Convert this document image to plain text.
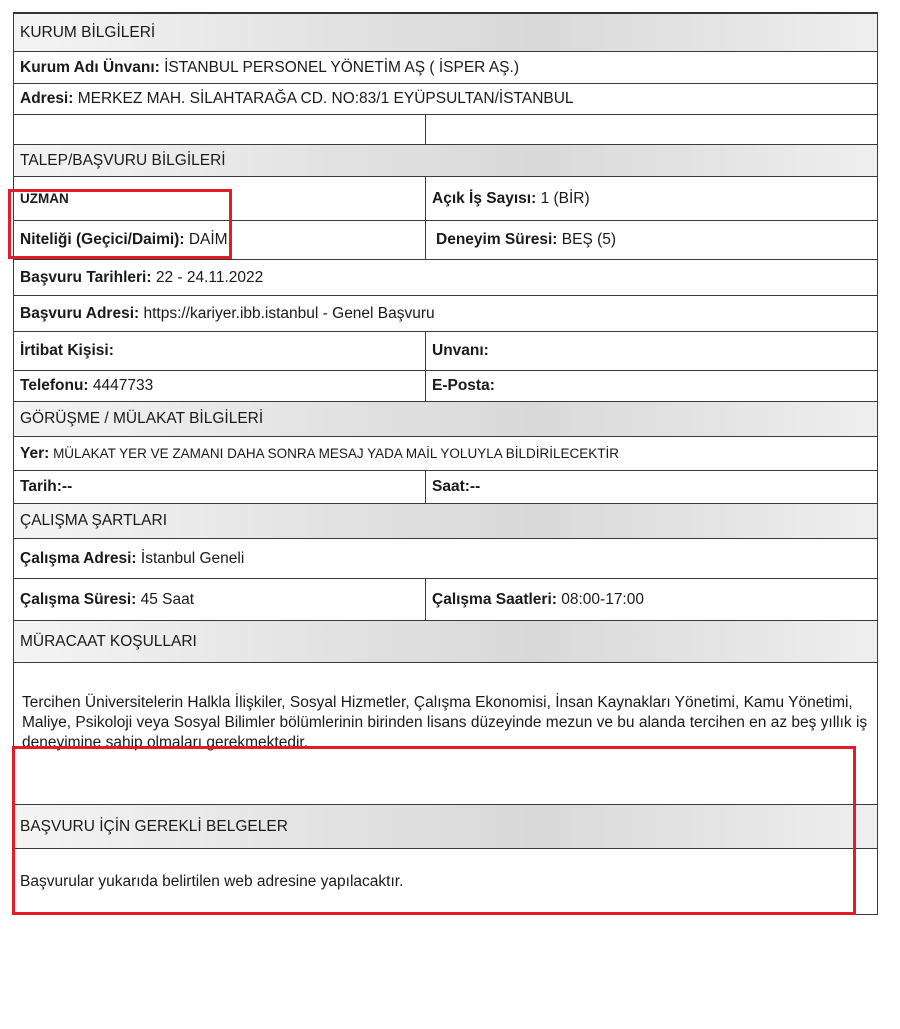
KURUM BİLGİLERİ
Kurum Adı Ünvanı: İSTANBUL PERSONEL YÖNETİM AŞ ( İSPER AŞ.)
Adresi: MERKEZ MAH. SİLAHTARAĞA CD. NO:83/1 EYÜPSULTAN/İSTANBUL
TALEP/BAŞVURU BİLGİLERİ
UZMAN	Açık İş Sayısı: 1 (BİR)
Niteliği (Geçici/Daimi): DAİMİ	Deneyim Süresi: BEŞ (5)
Başvuru Tarihleri: 22 - 24.11.2022
Başvuru Adresi: https://kariyer.ibb.istanbul - Genel Başvuru
İrtibat Kişisi:	Unvanı:
Telefonu: 4447733	E-Posta:
GÖRÜŞME / MÜLAKAT BİLGİLERİ
Yer: MÜLAKAT YER VE ZAMANI DAHA SONRA MESAJ YADA MAİL YOLUYLA BİLDİRİLECEKTİR
Tarih:--	Saat:--
ÇALIŞMA ŞARTLARI
Çalışma Adresi: İstanbul Geneli
Çalışma Süresi: 45 Saat	Çalışma Saatleri: 08:00-17:00
MÜRACAAT KOŞULLARI
Tercihen Üniversitelerin Halkla İlişkiler, Sosyal Hizmetler, Çalışma Ekonomisi, İnsan Kaynakları Yönetimi, Kamu Yönetimi, Maliye, Psikoloji veya Sosyal Bilimler bölümlerinin birinden lisans düzeyinde mezun ve bu alanda tercihen en az beş yıllık iş deneyimine sahip olmaları gerekmektedir.
BAŞVURU İÇİN GEREKLİ BELGELER
Başvurular yukarıda belirtilen web adresine yapılacaktır.
